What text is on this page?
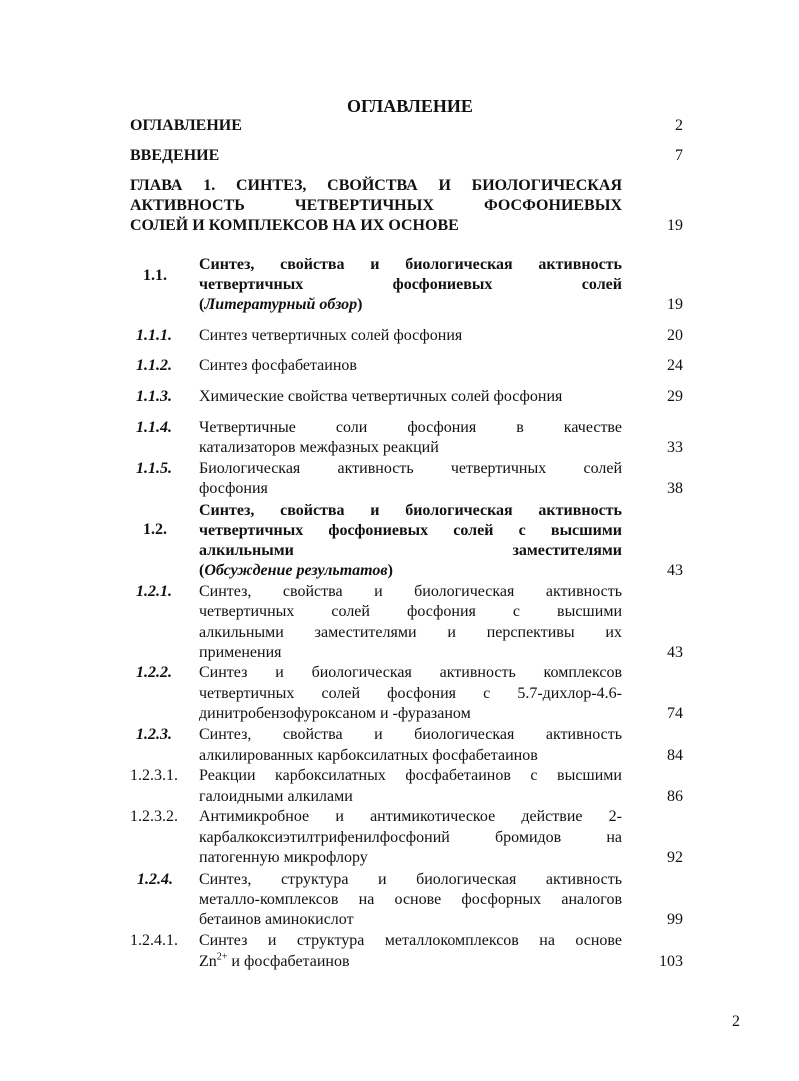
ОГЛАВЛЕНИЕ
ОГЛАВЛЕНИЕ	2
ВВЕДЕНИЕ	7
ГЛАВА 1. СИНТЕЗ, СВОЙСТВА И БИОЛОГИЧЕСКАЯ
АКТИВНОСТЬ ЧЕТВЕРТИЧНЫХ ФОСФОНИЕВЫХ
СОЛЕЙ И КОМПЛЕКСОВ НА ИХ ОСНОВЕ	19
1.1.
Синтез, свойства и биологическая активность
четвертичных фосфониевых солей
(Литературный обзор)	19
1.1.1. Синтез четвертичных солей фосфония	20
1.1.2. Синтез фосфабетаинов	24
1.1.3. Химические свойства четвертичных солей фосфония	29
1.1.4. Четвертичные соли фосфония в качестве
катализаторов межфазных реакций	33
1.1.5. Биологическая активность четвертичных солей
фосфония	38
1.2.
Синтез, свойства и биологическая активность
четвертичных фосфониевых солей с высшими
алкильными заместителями
(Обсуждение результатов)	43
1.2.1. Синтез, свойства и биологическая активность
четвертичных солей фосфония с высшими
алкильными заместителями и перспективы их
применения	43
1.2.2. Синтез и биологическая активность комплексов
четвертичных солей фосфония с 5.7-дихлор-4.6-
динитробензофуроксаном и -фуразаном	74
1.2.3. Синтез, свойства и биологическая активность
алкилированных карбоксилатных фосфабетаинов	84
1.2.3.1. Реакции карбоксилатных фосфабетаинов с высшими
галоидными алкилами	86
1.2.3.2. Антимикробное и антимикотическое действие 2-
карбалкоксиэтилтрифенилфосфоний бромидов на
патогенную микрофлору	92
1.2.4. Синтез, структура и биологическая активность
металло-комплексов на основе фосфорных аналогов
бетаинов аминокислот	99
1.2.4.1. Синтез и структура металлокомплексов на основе
$Zn^{2+}$ и фосфабетаинов	103
2
